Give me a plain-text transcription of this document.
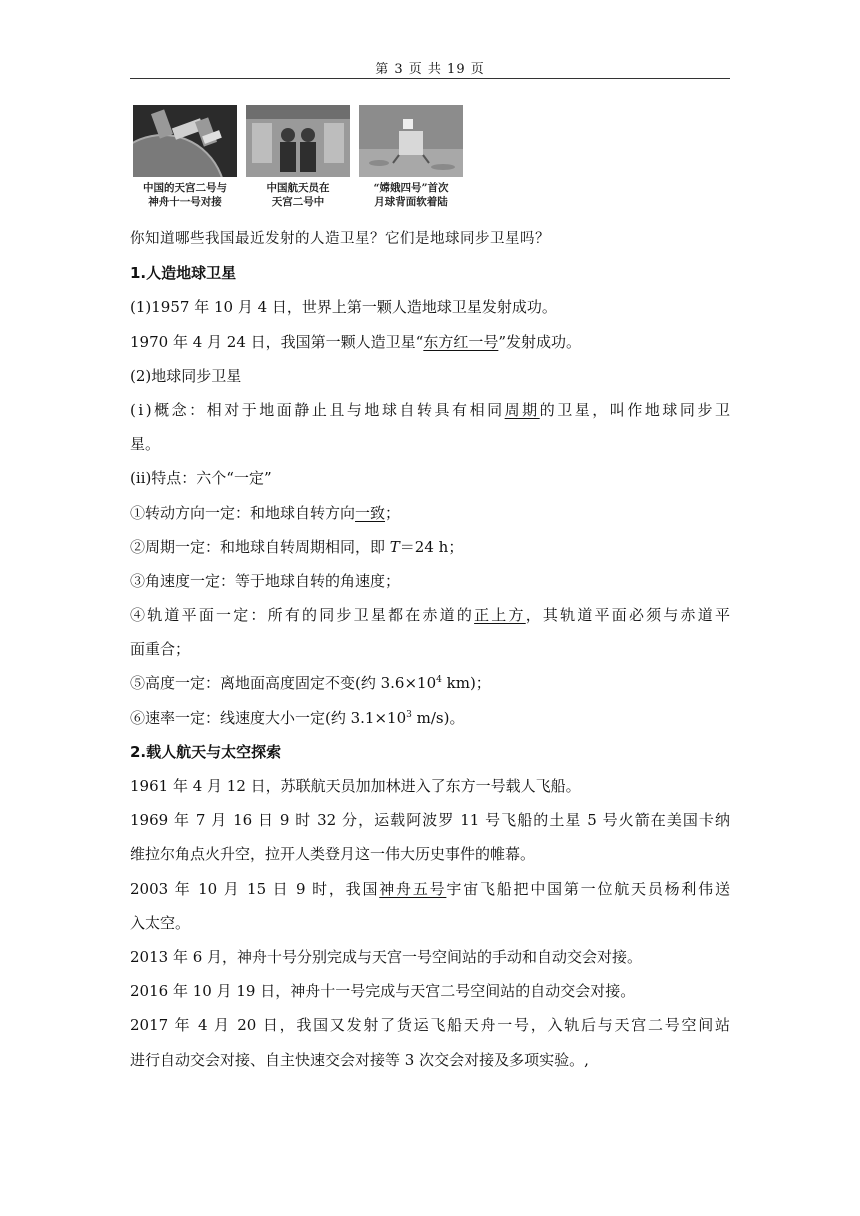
第 3 页 共 19 页
中国的天宫二号与
神舟十一号对接
中国航天员在
天宫二号中
“嫦娥四号”首次
月球背面软着陆
你知道哪些我国最近发射的人造卫星？它们是地球同步卫星吗？
1.人造地球卫星
(1)1957 年 10 月 4 日，世界上第一颗人造地球卫星发射成功。
1970 年 4 月 24 日，我国第一颗人造卫星“东方红一号”发射成功。
(2)地球同步卫星
(ⅰ)概念：相对于地面静止且与地球自转具有相同周期的卫星，叫作地球同步卫
星。
(ⅱ)特点：六个“一定”
①转动方向一定：和地球自转方向一致；
②周期一定：和地球自转周期相同，即 T＝24 h；
③角速度一定：等于地球自转的角速度；
④轨道平面一定：所有的同步卫星都在赤道的正上方，其轨道平面必须与赤道平
面重合；
⑤高度一定：离地面高度固定不变(约 $3.6\times 10^4$ km)；
⑥速率一定：线速度大小一定(约 $3.1\times 10^3$ m/s)。
2.载人航天与太空探索
1961 年 4 月 12 日，苏联航天员加加林进入了东方一号载人飞船。
1969 年 7 月 16 日 9 时 32 分，运载阿波罗 11 号飞船的土星 5 号火箭在美国卡纳
维拉尔角点火升空，拉开人类登月这一伟大历史事件的帷幕。
2003 年 10 月 15 日 9 时，我国神舟五号宇宙飞船把中国第一位航天员杨利伟送
入太空。
2013 年 6 月，神舟十号分别完成与天宫一号空间站的手动和自动交会对接。
2016 年 10 月 19 日，神舟十一号完成与天宫二号空间站的自动交会对接。
2017 年 4 月 20 日，我国又发射了货运飞船天舟一号，入轨后与天宫二号空间站
进行自动交会对接、自主快速交会对接等 3 次交会对接及多项实验。,
